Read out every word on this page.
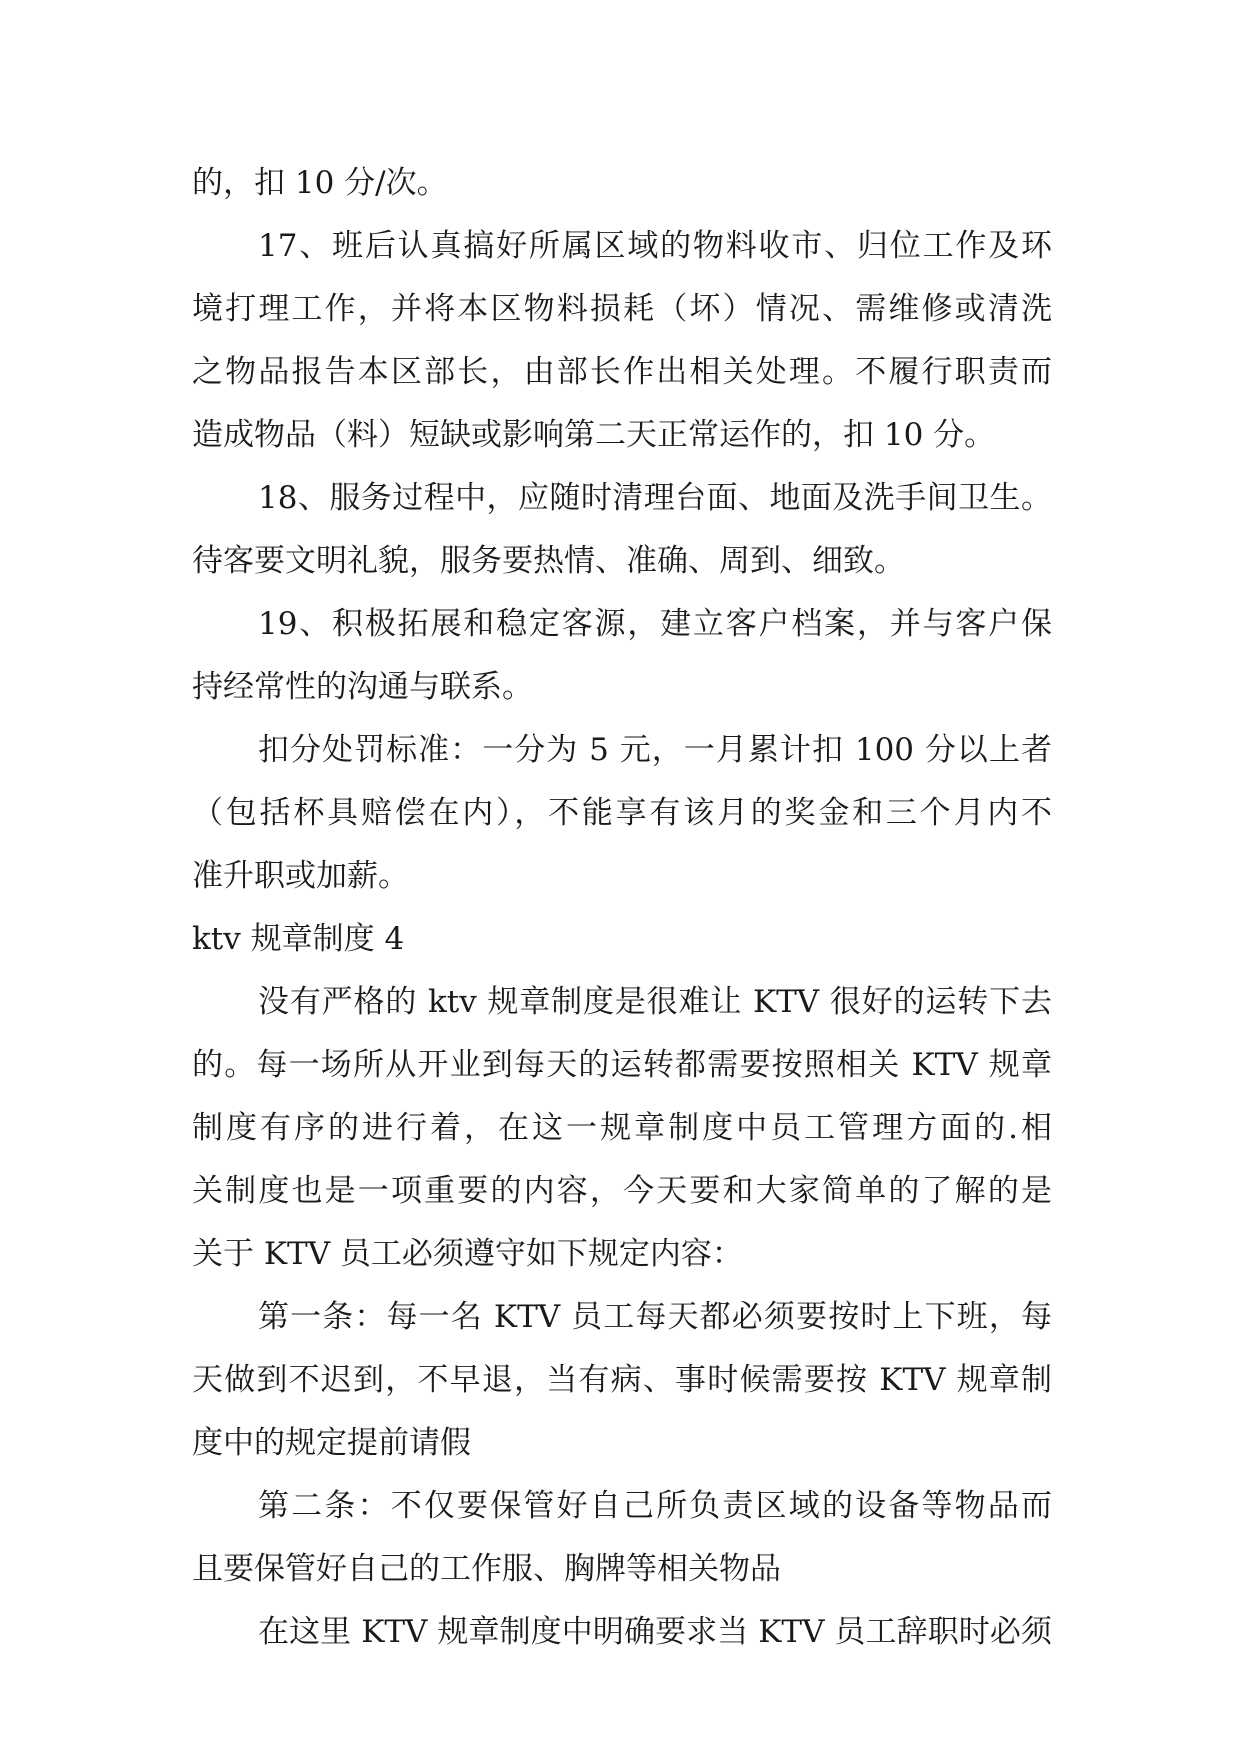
的，扣 10 分/次。
17、班后认真搞好所属区域的物料收市、归位工作及环
境打理工作，并将本区物料损耗（坏）情况、需维修或清洗
之物品报告本区部长，由部长作出相关处理。不履行职责而
造成物品（料）短缺或影响第二天正常运作的，扣 10 分。
18、服务过程中，应随时清理台面、地面及洗手间卫生。
待客要文明礼貌，服务要热情、准确、周到、细致。
19、积极拓展和稳定客源，建立客户档案，并与客户保
持经常性的沟通与联系。
扣分处罚标准：一分为 5 元，一月累计扣 100 分以上者
（包括杯具赔偿在内），不能享有该月的奖金和三个月内不
准升职或加薪。
ktv 规章制度 4
没有严格的 ktv 规章制度是很难让 KTV 很好的运转下去
的。每一场所从开业到每天的运转都需要按照相关 KTV 规章
制度有序的进行着，在这一规章制度中员工管理方面的.相
关制度也是一项重要的内容，今天要和大家简单的了解的是
关于 KTV 员工必须遵守如下规定内容：
第一条：每一名 KTV 员工每天都必须要按时上下班，每
天做到不迟到，不早退，当有病、事时候需要按 KTV 规章制
度中的规定提前请假
第二条：不仅要保管好自己所负责区域的设备等物品而
且要保管好自己的工作服、胸牌等相关物品
在这里 KTV 规章制度中明确要求当 KTV 员工辞职时必须
